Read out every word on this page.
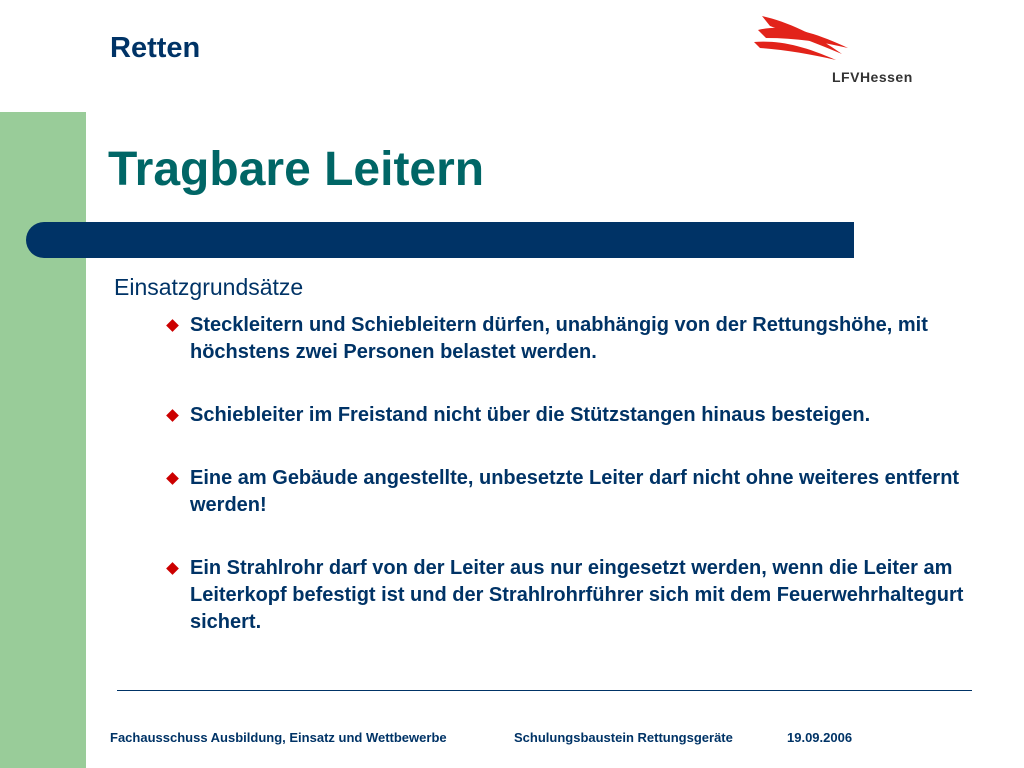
Retten
LFVHessen
Tragbare Leitern
Einsatzgrundsätze
Steckleitern und Schiebleitern dürfen, unabhängig von der Rettungshöhe, mit höchstens zwei Personen belastet werden.
Schiebleiter im Freistand nicht über die Stützstangen hinaus besteigen.
Eine am Gebäude angestellte, unbesetzte Leiter darf nicht ohne weiteres entfernt werden!
Ein Strahlrohr darf von der Leiter aus nur eingesetzt werden, wenn die Leiter am Leiterkopf befestigt ist und der Strahlrohrführer sich mit dem Feuerwehrhaltegurt sichert.
Fachausschuss Ausbildung, Einsatz und Wettbewerbe	Schulungsbaustein Rettungsgeräte	19.09.2006
